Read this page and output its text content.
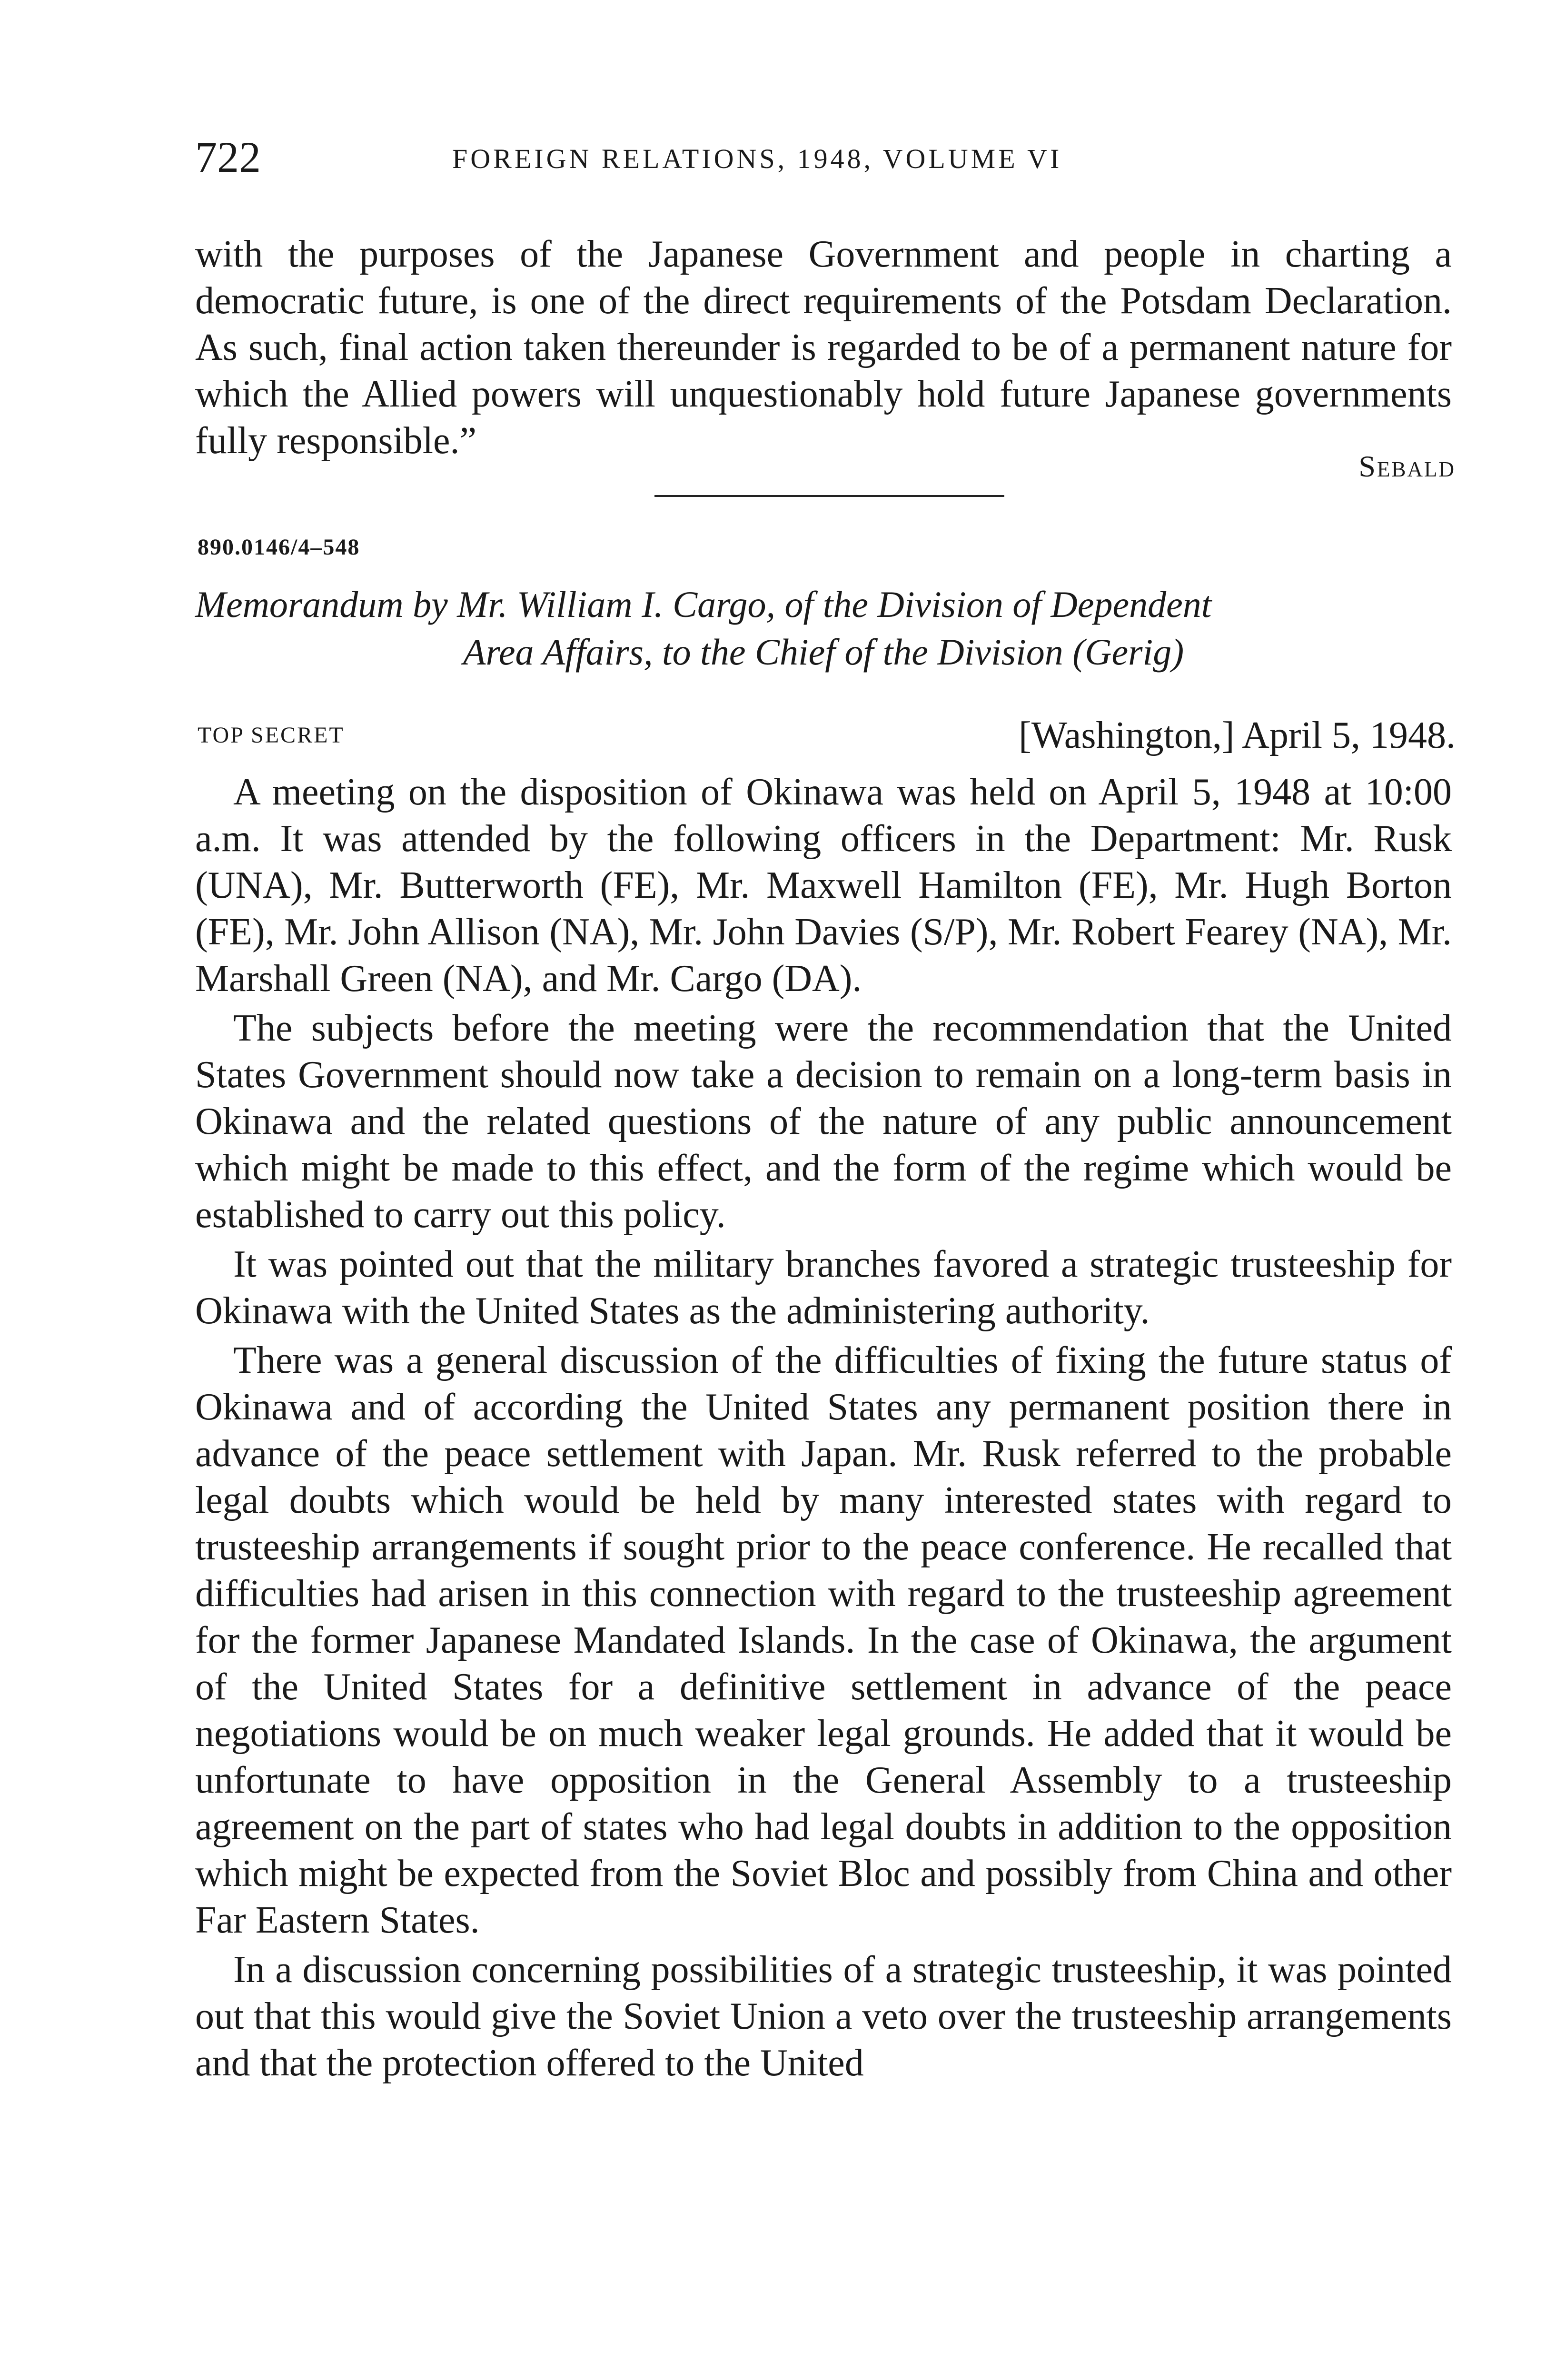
722	FOREIGN RELATIONS, 1948, VOLUME VI
with the purposes of the Japanese Government and people in charting a democratic future, is one of the direct requirements of the Potsdam Declaration. As such, final action taken thereunder is regarded to be of a permanent nature for which the Allied powers will unquestionably hold future Japanese governments fully responsible.”
Sebald
890.0146/4–548
Memorandum by Mr. William I. Cargo, of the Division of Dependent
Area Affairs, to the Chief of the Division (Gerig)
TOP SECRET	[Washington,] April 5, 1948.

A meeting on the disposition of Okinawa was held on April 5, 1948 at 10:00 a.m. It was attended by the following officers in the Department: Mr. Rusk (UNA), Mr. Butterworth (FE), Mr. Maxwell Hamilton (FE), Mr. Hugh Borton (FE), Mr. John Allison (NA), Mr. John Davies (S/P), Mr. Robert Fearey (NA), Mr. Marshall Green (NA), and Mr. Cargo (DA).

The subjects before the meeting were the recommendation that the United States Government should now take a decision to remain on a long-term basis in Okinawa and the related questions of the nature of any public announcement which might be made to this effect, and the form of the regime which would be established to carry out this policy.

It was pointed out that the military branches favored a strategic trusteeship for Okinawa with the United States as the administering authority.

There was a general discussion of the difficulties of fixing the future status of Okinawa and of according the United States any permanent position there in advance of the peace settlement with Japan. Mr. Rusk referred to the probable legal doubts which would be held by many interested states with regard to trusteeship arrangements if sought prior to the peace conference. He recalled that difficulties had arisen in this connection with regard to the trusteeship agreement for the former Japanese Mandated Islands. In the case of Okinawa, the argument of the United States for a definitive settlement in advance of the peace negotiations would be on much weaker legal grounds. He added that it would be unfortunate to have opposition in the General Assembly to a trusteeship agreement on the part of states who had legal doubts in addition to the opposition which might be expected from the Soviet Bloc and possibly from China and other Far Eastern States.

In a discussion concerning possibilities of a strategic trusteeship, it was pointed out that this would give the Soviet Union a veto over the trusteeship arrangements and that the protection offered to the United
